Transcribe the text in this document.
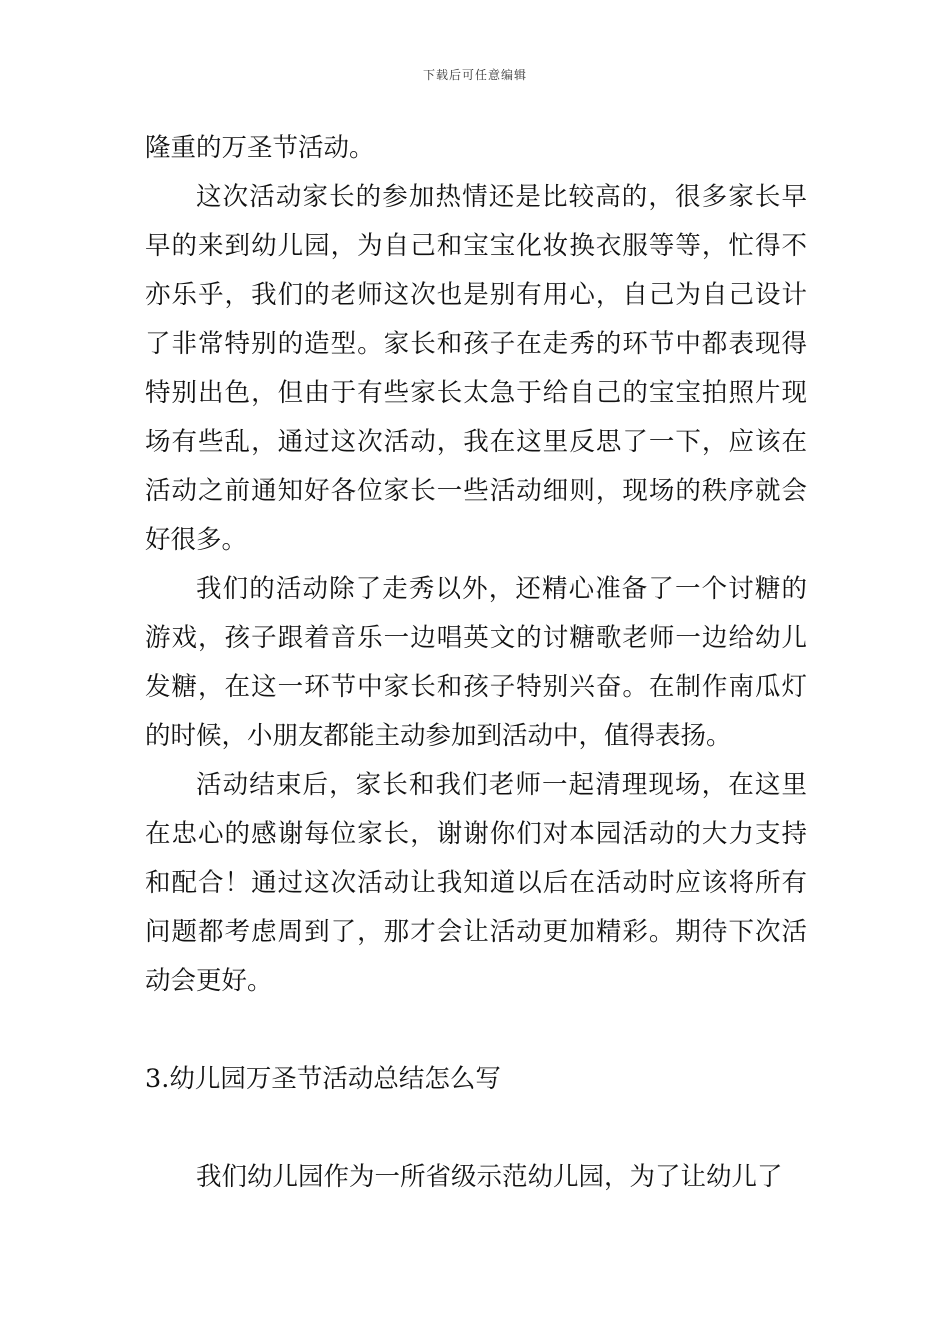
下载后可任意编辑

隆重的万圣节活动。

这次活动家长的参加热情还是比较高的，很多家长早早的来到幼儿园，为自己和宝宝化妆换衣服等等，忙得不亦乐乎，我们的老师这次也是别有用心，自己为自己设计了非常特别的造型。家长和孩子在走秀的环节中都表现得特别出色，但由于有些家长太急于给自己的宝宝拍照片现场有些乱，通过这次活动，我在这里反思了一下，应该在活动之前通知好各位家长一些活动细则，现场的秩序就会好很多。

我们的活动除了走秀以外，还精心准备了一个讨糖的游戏，孩子跟着音乐一边唱英文的讨糖歌老师一边给幼儿发糖，在这一环节中家长和孩子特别兴奋。在制作南瓜灯的时候，小朋友都能主动参加到活动中，值得表扬。

活动结束后，家长和我们老师一起清理现场，在这里在忠心的感谢每位家长，谢谢你们对本园活动的大力支持和配合！通过这次活动让我知道以后在活动时应该将所有问题都考虑周到了，那才会让活动更加精彩。期待下次活动会更好。

3.幼儿园万圣节活动总结怎么写

我们幼儿园作为一所省级示范幼儿园，为了让幼儿了
